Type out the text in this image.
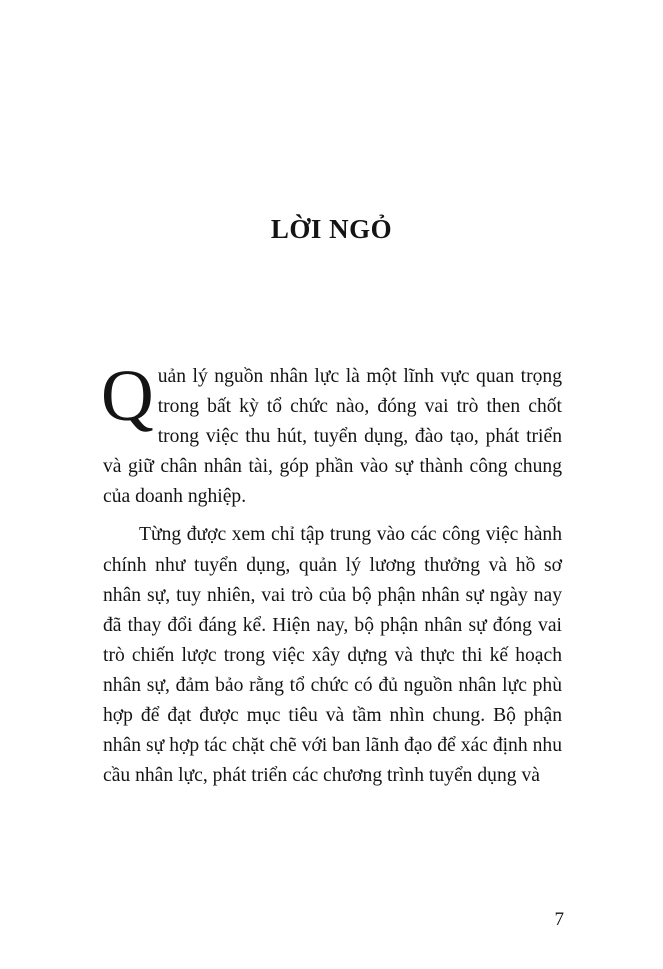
LỜI NGỎ

Quản lý nguồn nhân lực là một lĩnh vực quan trọng trong bất kỳ tổ chức nào, đóng vai trò then chốt trong việc thu hút, tuyển dụng, đào tạo, phát triển và giữ chân nhân tài, góp phần vào sự thành công chung của doanh nghiệp.

Từng được xem chỉ tập trung vào các công việc hành chính như tuyển dụng, quản lý lương thưởng và hồ sơ nhân sự, tuy nhiên, vai trò của bộ phận nhân sự ngày nay đã thay đổi đáng kể. Hiện nay, bộ phận nhân sự đóng vai trò chiến lược trong việc xây dựng và thực thi kế hoạch nhân sự, đảm bảo rằng tổ chức có đủ nguồn nhân lực phù hợp để đạt được mục tiêu và tầm nhìn chung. Bộ phận nhân sự hợp tác chặt chẽ với ban lãnh đạo để xác định nhu cầu nhân lực, phát triển các chương trình tuyển dụng và

7
